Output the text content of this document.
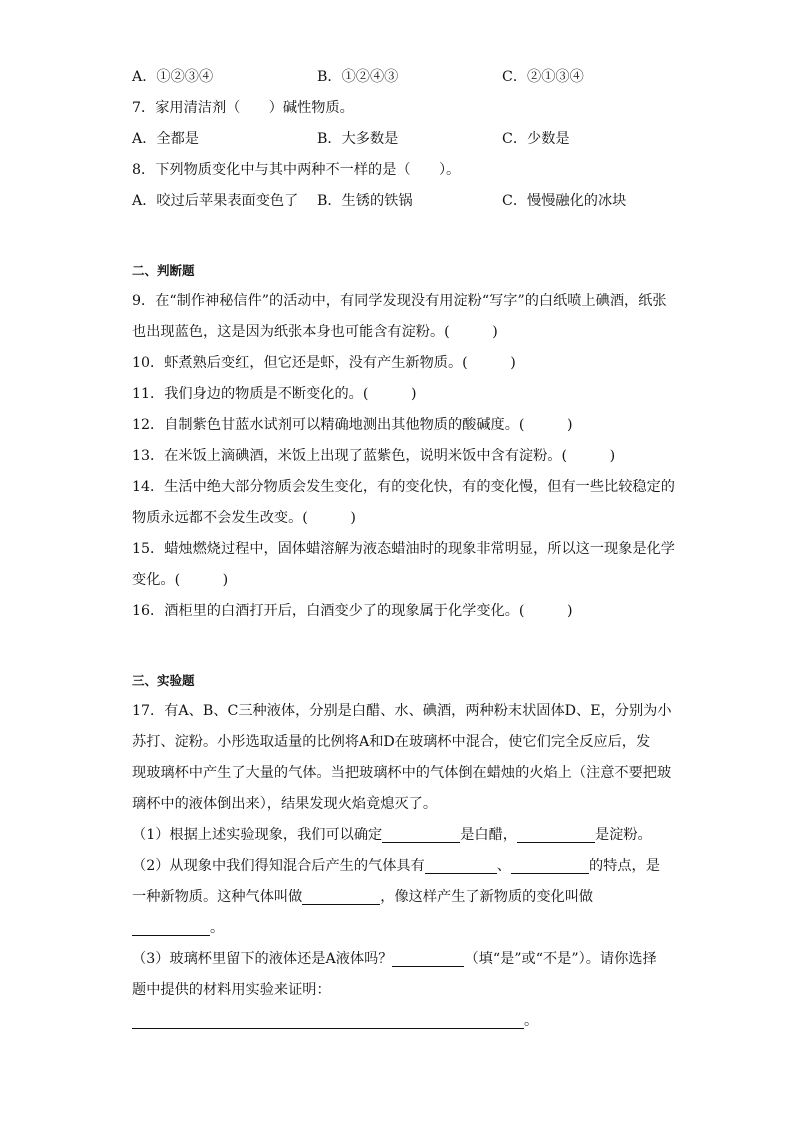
A．①②③④	B．①②④③	C．②①③④
7．家用清洁剂（　　）碱性物质。
A．全都是	B．大多数是	C．少数是
8．下列物质变化中与其中两种不一样的是（　　）。
A．咬过后苹果表面变色了	B．生锈的铁锅	C．慢慢融化的冰块
二、判断题
9．在“制作神秘信件”的活动中，有同学发现没有用淀粉“写字”的白纸喷上碘酒，纸张
也出现蓝色，这是因为纸张本身也可能含有淀粉。(　　　)
10．虾煮熟后变红，但它还是虾，没有产生新物质。(　　　)
11．我们身边的物质是不断变化的。(　　　)
12．自制紫色甘蓝水试剂可以精确地测出其他物质的酸碱度。(　　　)
13．在米饭上滴碘酒，米饭上出现了蓝紫色，说明米饭中含有淀粉。(　　　)
14．生活中绝大部分物质会发生变化，有的变化快，有的变化慢，但有一些比较稳定的
物质永远都不会发生改变。(　　　)
15．蜡烛燃烧过程中，固体蜡溶解为液态蜡油时的现象非常明显，所以这一现象是化学
变化。(　　　)
16．酒柜里的白酒打开后，白酒变少了的现象属于化学变化。(　　　)
三、实验题
17．有A、B、C三种液体，分别是白醋、水、碘酒，两种粉末状固体D、E，分别为小
苏打、淀粉。小彤选取适量的比例将A和D在玻璃杯中混合，使它们完全反应后，发
现玻璃杯中产生了大量的气体。当把玻璃杯中的气体倒在蜡烛的火焰上（注意不要把玻
璃杯中的液体倒出来），结果发现火焰竟熄灭了。
（1）根据上述实验现象，我们可以确定	是白醋，	是淀粉。
（2）从现象中我们得知混合后产生的气体具有	、	的特点，是
一种新物质。这种气体叫做	，像这样产生了新物质的变化叫做
。
（3）玻璃杯里留下的液体还是A液体吗？	（填“是”或“不是”）。请你选择
题中提供的材料用实验来证明：
。
